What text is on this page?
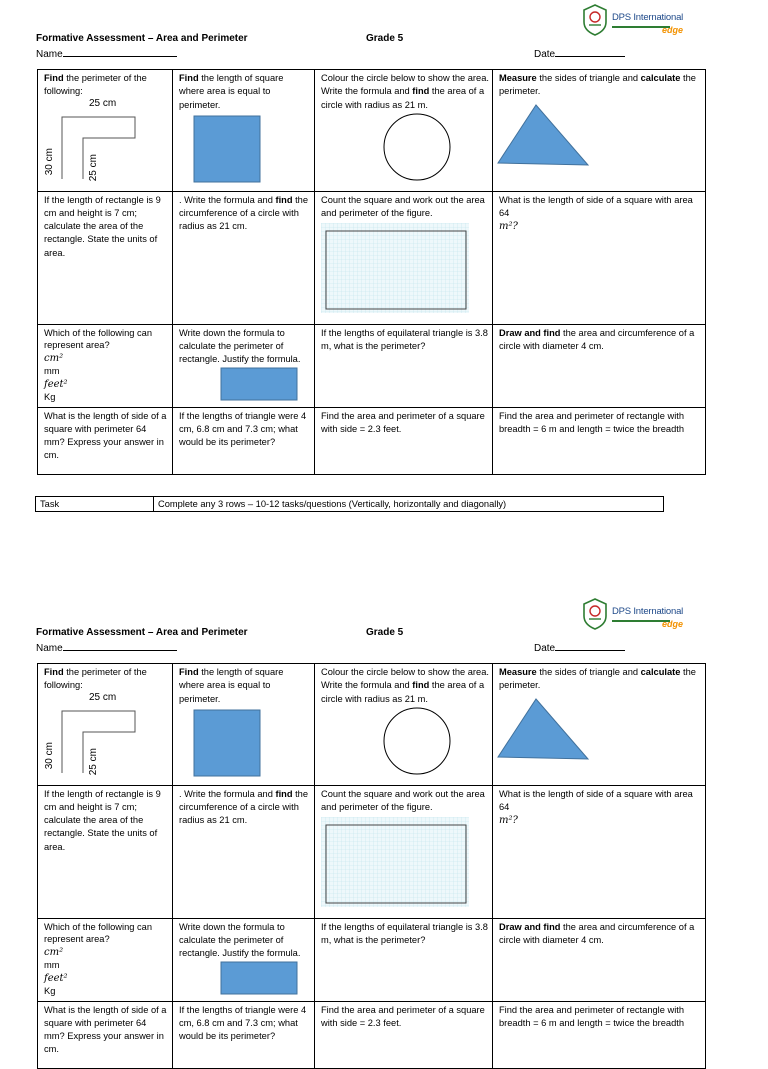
DPS International
edge
Formative Assessment – Area and Perimeter	Grade 5
Name	Date
Find the perimeter of the following:
25 cm
30 cm 25 cm	Find the length of square where area is equal to perimeter.	Colour the circle below to show the area. Write the formula and find the area of a circle with radius as 21 m.	Measure the sides of triangle and calculate the perimeter.

If the length of rectangle is 9 cm and height is 7 cm; calculate the area of the rectangle. State the units of area.	. Write the formula and find the circumference of a circle with radius as 21 cm.	Count the square and work out the area and perimeter of the figure.	What is the length of side of a square with area 64
m²?
Which of the following can represent area?
cm²
mm
feet²
Kg	Write down the formula to calculate the perimeter of rectangle. Justify the formula.	If the lengths of equilateral triangle is 3.8 m, what is the perimeter?	Draw and find the area and circumference of a circle with diameter 4 cm.
What is the length of side of a square with perimeter 64 mm? Express your answer in cm.	If the lengths of triangle were 4 cm, 6.8 cm and 7.3 cm; what would be its perimeter?	Find the area and perimeter of a square with side = 2.3 feet.	Find the area and perimeter of rectangle with breadth = 6 m and length = twice the breadth
Task	Complete any 3 rows – 10-12 tasks/questions (Vertically, horizontally and diagonally)
DPS International
edge
Formative Assessment – Area and Perimeter	Grade 5
Name	Date
Find the perimeter of the following:
25 cm
30 cm 25 cm	Find the length of square where area is equal to perimeter.	Colour the circle below to show the area. Write the formula and find the area of a circle with radius as 21 m.	Measure the sides of triangle and calculate the perimeter.

If the length of rectangle is 9 cm and height is 7 cm; calculate the area of the rectangle. State the units of area.	. Write the formula and find the circumference of a circle with radius as 21 cm.	Count the square and work out the area and perimeter of the figure.	What is the length of side of a square with area 64
m²?
Which of the following can represent area?
cm²
mm
feet²
Kg	Write down the formula to calculate the perimeter of rectangle. Justify the formula.	If the lengths of equilateral triangle is 3.8 m, what is the perimeter?	Draw and find the area and circumference of a circle with diameter 4 cm.
What is the length of side of a square with perimeter 64 mm? Express your answer in cm.	If the lengths of triangle were 4 cm, 6.8 cm and 7.3 cm; what would be its perimeter?	Find the area and perimeter of a square with side = 2.3 feet.	Find the area and perimeter of rectangle with breadth = 6 m and length = twice the breadth
